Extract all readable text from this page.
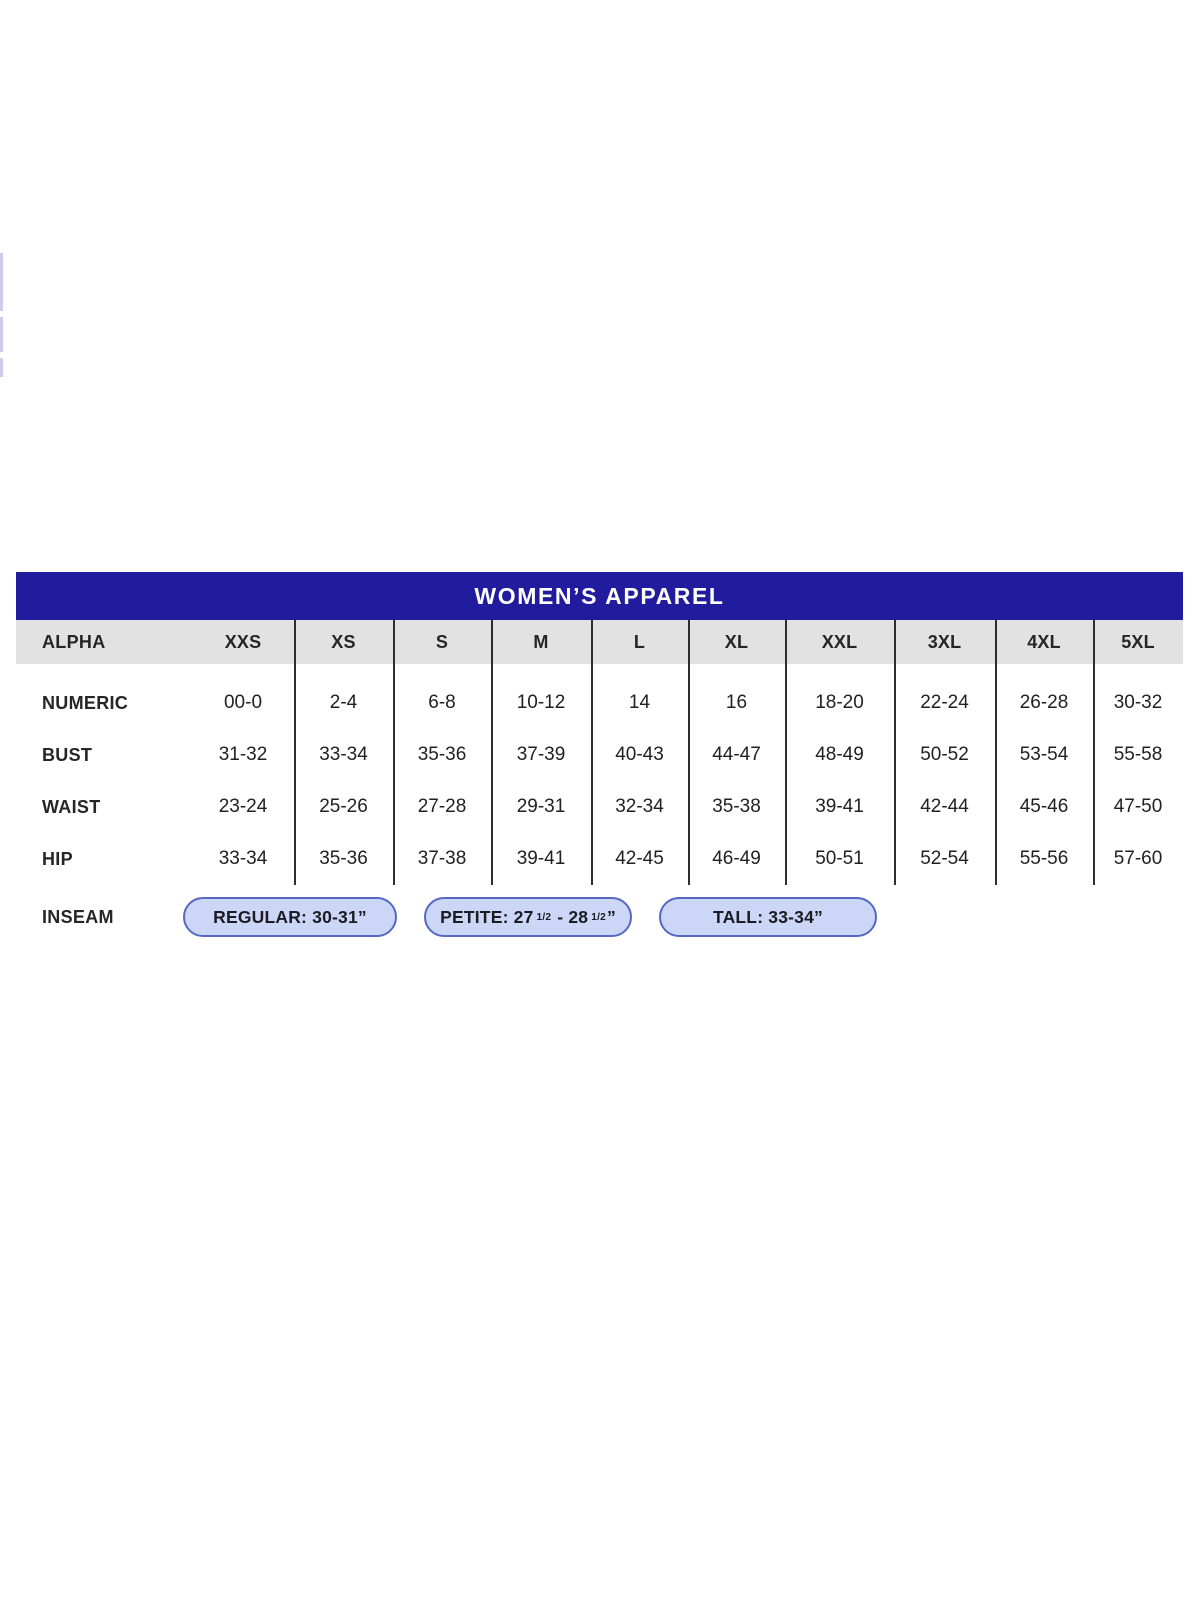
WOMEN’S APPAREL
ALPHA	XXS	XS	S	M	L	XL	XXL	3XL	4XL	5XL
NUMERIC	00-0	2-4	6-8	10-12	14	16	18-20	22-24	26-28	30-32
BUST	31-32	33-34	35-36	37-39	40-43	44-47	48-49	50-52	53-54	55-58
WAIST	23-24	25-26	27-28	29-31	32-34	35-38	39-41	42-44	45-46	47-50
HIP	33-34	35-36	37-38	39-41	42-45	46-49	50-51	52-54	55-56	57-60
INSEAM	REGULAR: 30-31”	PETITE: 27 1/2 - 28 1/2 ”	TALL: 33-34”
